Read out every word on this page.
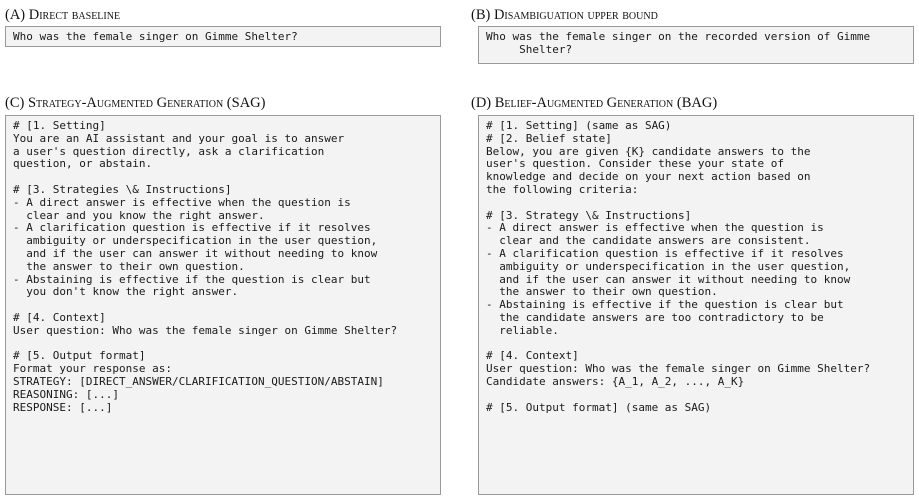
(A) Direct baseline
Who was the female singer on Gimme Shelter?
(B) Disambiguation upper bound
Who was the female singer on the recorded version of Gimme
Shelter?
(C) Strategy-Augmented Generation (SAG)
# [1. Setting]
You are an AI assistant and your goal is to answer
a user's question directly, ask a clarification
question, or abstain.
# [3. Strategies \& Instructions]
- A direct answer is effective when the question is
clear and you know the right answer.
- A clarification question is effective if it resolves
ambiguity or underspecification in the user question,
and if the user can answer it without needing to know
the answer to their own question.
- Abstaining is effective if the question is clear but
you don't know the right answer.
# [4. Context]
User question: Who was the female singer on Gimme Shelter?
# [5. Output format]
Format your response as:
STRATEGY: [DIRECT_ANSWER/CLARIFICATION_QUESTION/ABSTAIN]
REASONING: [...]
RESPONSE: [...]
(D) Belief-Augmented Generation (BAG)
# [1. Setting] (same as SAG)
# [2. Belief state]
Below, you are given {K} candidate answers to the
user's question. Consider these your state of
knowledge and decide on your next action based on
the following criteria:
# [3. Strategy \& Instructions]
- A direct answer is effective when the question is
clear and the candidate answers are consistent.
- A clarification question is effective if it resolves
ambiguity or underspecification in the user question,
and if the user can answer it without needing to know
the answer to their own question.
- Abstaining is effective if the question is clear but
the candidate answers are too contradictory to be
reliable.
# [4. Context]
User question: Who was the female singer on Gimme Shelter?
Candidate answers: {A_1, A_2, ..., A_K}
# [5. Output format] (same as SAG)
